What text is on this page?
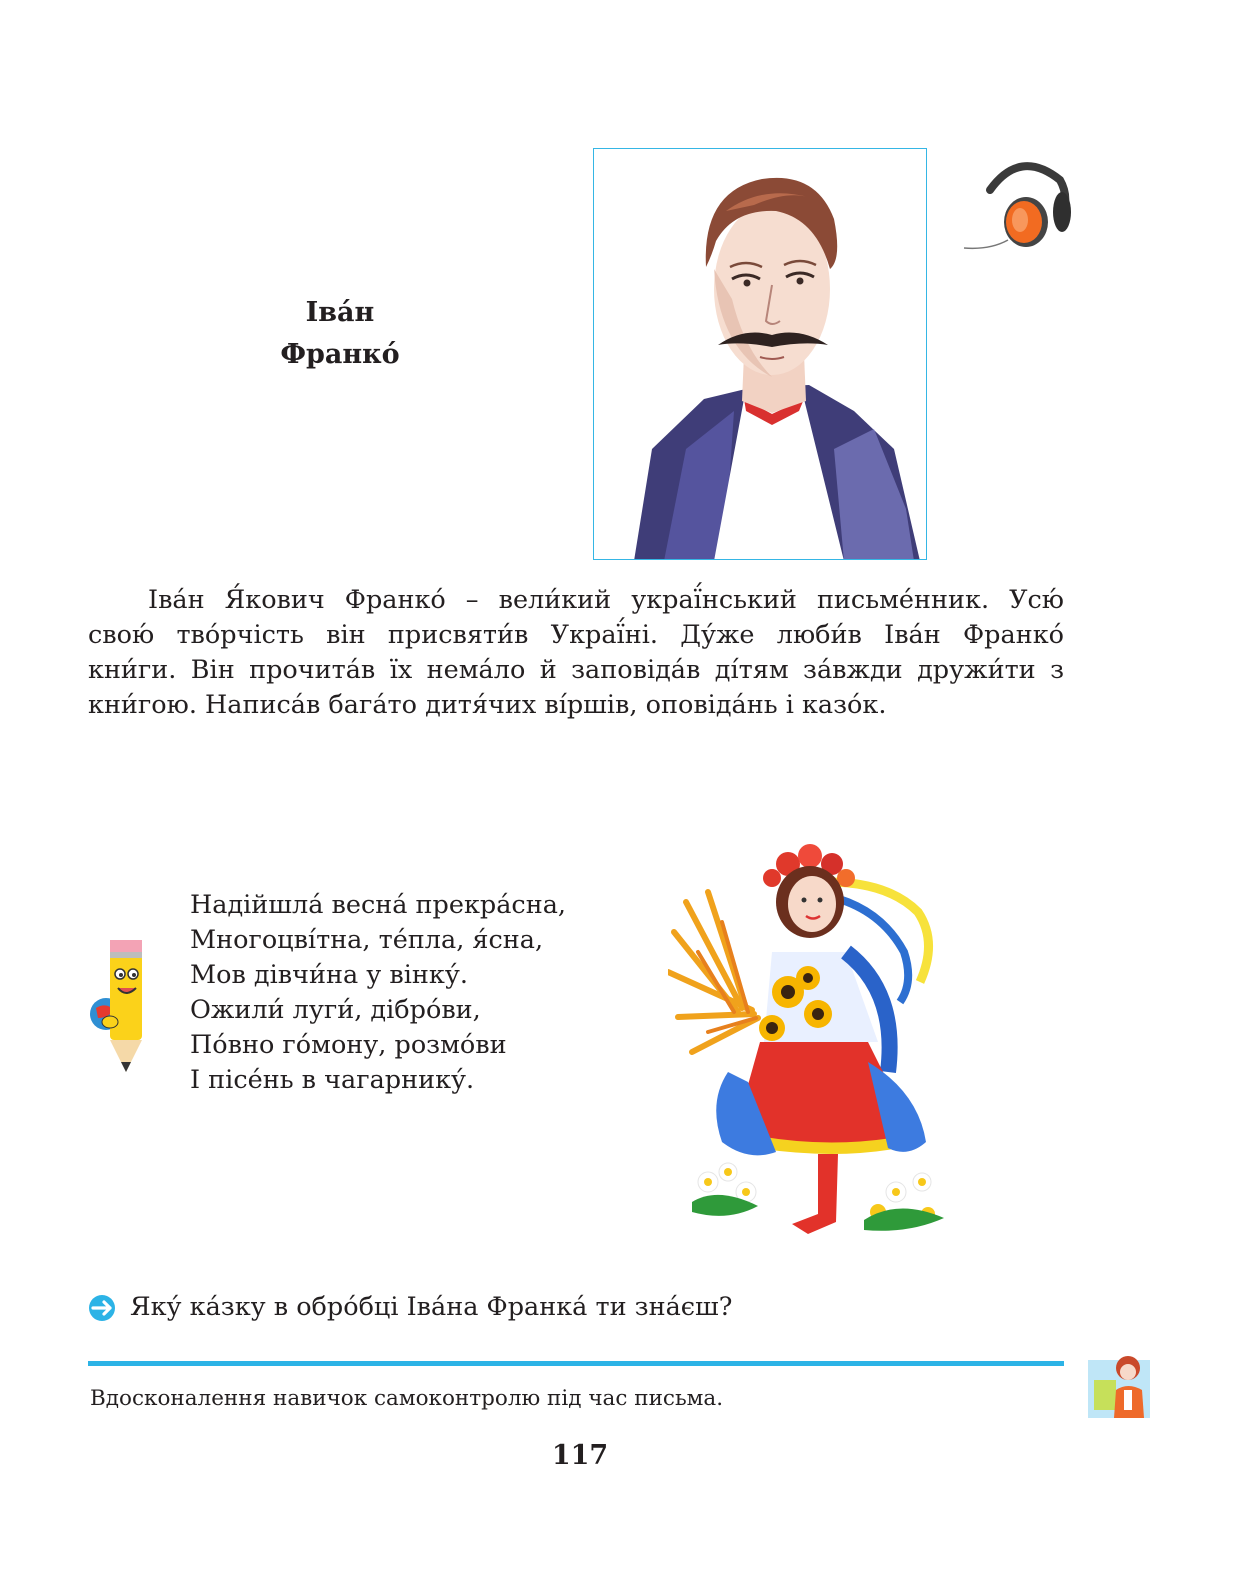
Іва́н
Франко́
Іва́н Я́кович Франко́ – вели́кий украї́нський письме́нник. Усю́
свою́ тво́рчість він присвяти́в Украї́ні. Ду́же люби́в Іва́н Франко́
кни́ги. Він прочита́в їх нема́ло й заповіда́в ді́тям за́вжди дружи́ти з
кни́гою. Написа́в бага́то дитя́чих ві́ршів, оповіда́нь і казо́к.
Надійшла́ весна́ прекра́сна,
Многоцві́тна, те́пла, я́сна,
Мов дівчи́на у вінку́.
Ожили́ луги́, дібро́ви,
По́вно го́мону, розмо́ви
І пісе́нь в чагарнику́.
Яку́ ка́зку в обро́бці Іва́на Франка́ ти зна́єш?
Вдосконалення навичок самоконтролю під час письма.
117
